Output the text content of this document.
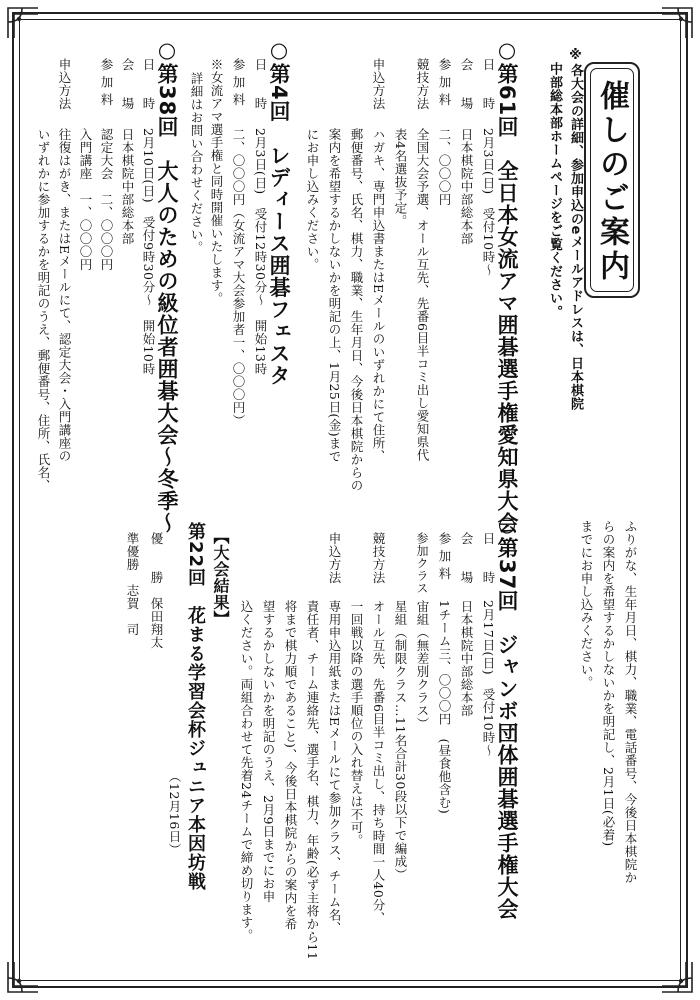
催しのご案内
※各大会の詳細、参加申込のeメールアドレスは、日本棋院
中部総本部ホームページをご覧ください。
○第61回　全日本女流アマ囲碁選手権愛知県大会
日　　時
2月3日(日)　受付10時～
会　　場
日本棋院中部総本部
参 加 料
二、〇〇〇円
競技方法
全国大会予選、オール互先、先番6目半コミ出し愛知県代
表4名選抜予定。
申込方法
ハガキ、専門申込書またはEメールのいずれかにて住所、
郵便番号、氏名、棋力、職業、生年月日、今後日本棋院からの
案内を希望するかしないかを明記の上、1月25日(金)まで
にお申し込みください。
○第4回　レディース囲碁フェスタ
日　　時
2月3日(日)　受付12時30分～　開始13時
参 加 料
二、〇〇〇円（女流アマ大会参加者一、〇〇〇円）
※女流アマ選手権と同時開催いたします。
詳細はお問い合わせください。
○第38回　大人のための級位者囲碁大会～冬季～
日　　時
2月10日(日)　受付9時30分～　開始10時
会　　場
日本棋院中部総本部
参 加 料
認定大会　二、〇〇〇円
入門講座　一、〇〇〇円
申込方法
往復はがき、またはEメールにて、認定大会・入門講座の
いずれかに参加するかを明記のうえ、郵便番号、住所、氏名、
ふりがな、生年月日、棋力、職業、電話番号、今後日本棋院か
らの案内を希望するかしないかを明記し、2月1日(必着)
までにお申し込みください。
○第37回　ジャンボ団体囲碁選手権大会
日　　時
2月17日(日)　受付10時～
会　　場
日本棋院中部総本部
参 加 料
1チーム三、〇〇〇円　(昼食他含む)
参加クラス
宙組（無差別クラス）
星組（制限クラス…11名合計30段以下で編成）
競技方法
オール互先、先番6目半コミ出し、持ち時間一人40分、
一回戦以降の選手順位の入れ替えは不可。
申込方法
専用申込用紙またはEメールにて参加クラス、チーム名、
責任者、チーム連絡先、選手名、棋力、年齢(必ず主将から11
将まで棋力順であること)、今後日本棋院からの案内を希
望するかしないかを明記のうえ、2月9日までにお申
込ください。両組合わせて先着24チームで締め切ります。
【大会結果】
第22回　花まる学習会杯ジュニア本因坊戦
（12月16日）
優　　勝　保田翔太
準優勝　志賀　司
